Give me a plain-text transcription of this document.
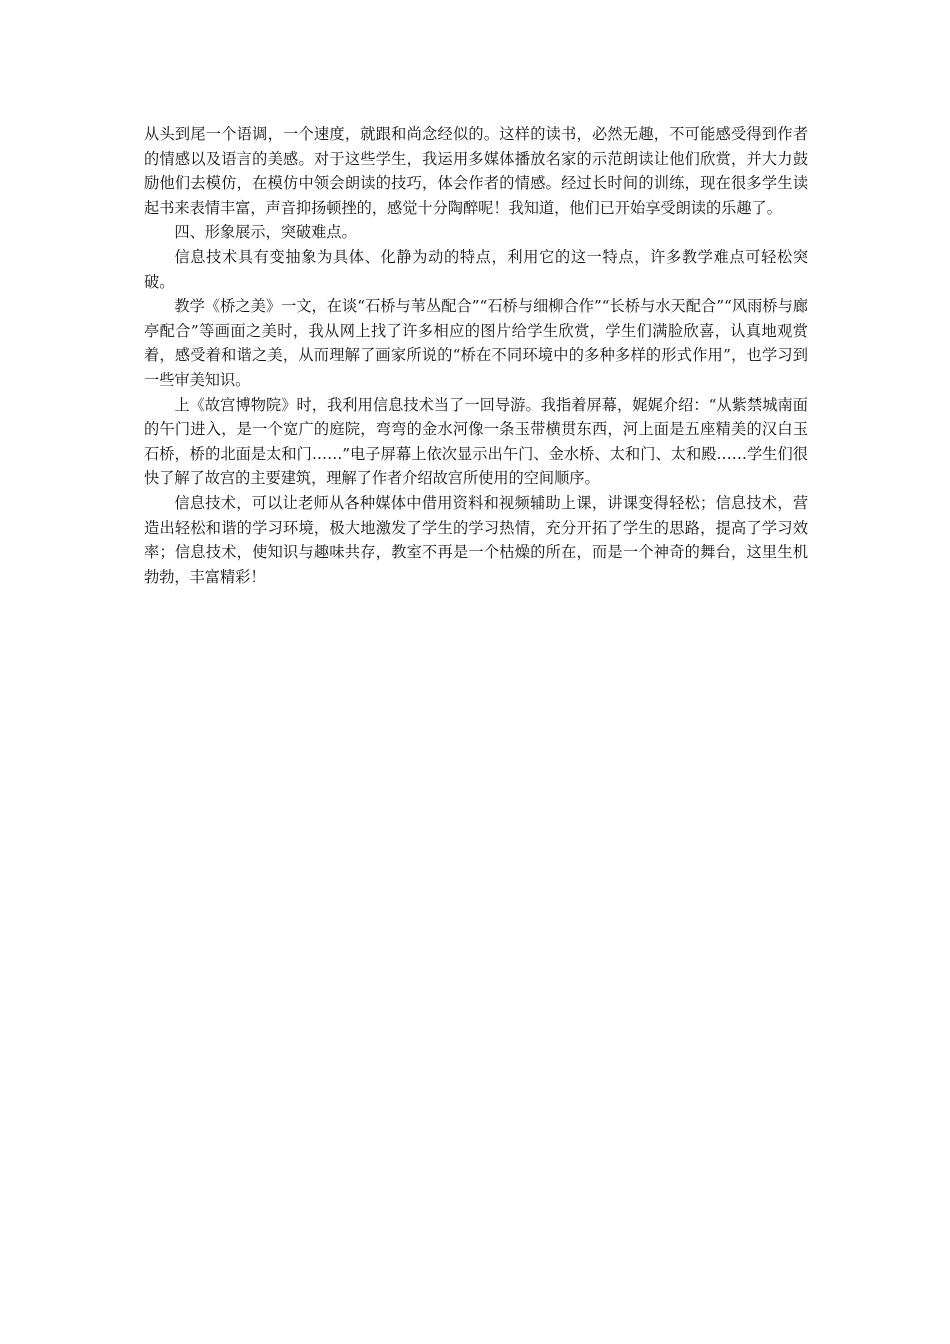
从头到尾一个语调，一个速度，就跟和尚念经似的。这样的读书，必然无趣，不可能感受得到作者的情感以及语言的美感。对于这些学生，我运用多媒体播放名家的示范朗读让他们欣赏，并大力鼓励他们去模仿，在模仿中领会朗读的技巧，体会作者的情感。经过长时间的训练，现在很多学生读起书来表情丰富，声音抑扬顿挫的，感觉十分陶醉呢！我知道，他们已开始享受朗读的乐趣了。

四、形象展示，突破难点。

信息技术具有变抽象为具体、化静为动的特点，利用它的这一特点，许多教学难点可轻松突破。

教学《桥之美》一文，在谈“石桥与苇丛配合”“石桥与细柳合作”“长桥与水天配合”“风雨桥与廊亭配合”等画面之美时，我从网上找了许多相应的图片给学生欣赏，学生们满脸欣喜，认真地观赏着，感受着和谐之美，从而理解了画家所说的“桥在不同环境中的多种多样的形式作用”，也学习到一些审美知识。

上《故宫博物院》时，我利用信息技术当了一回导游。我指着屏幕，娓娓介绍：“从紫禁城南面的午门进入，是一个宽广的庭院，弯弯的金水河像一条玉带横贯东西，河上面是五座精美的汉白玉石桥，桥的北面是太和门……”电子屏幕上依次显示出午门、金水桥、太和门、太和殿……学生们很快了解了故宫的主要建筑，理解了作者介绍故宫所使用的空间顺序。

信息技术，可以让老师从各种媒体中借用资料和视频辅助上课，讲课变得轻松；信息技术，营造出轻松和谐的学习环境，极大地激发了学生的学习热情，充分开拓了学生的思路，提高了学习效率；信息技术，使知识与趣味共存，教室不再是一个枯燥的所在，而是一个神奇的舞台，这里生机勃勃，丰富精彩！
